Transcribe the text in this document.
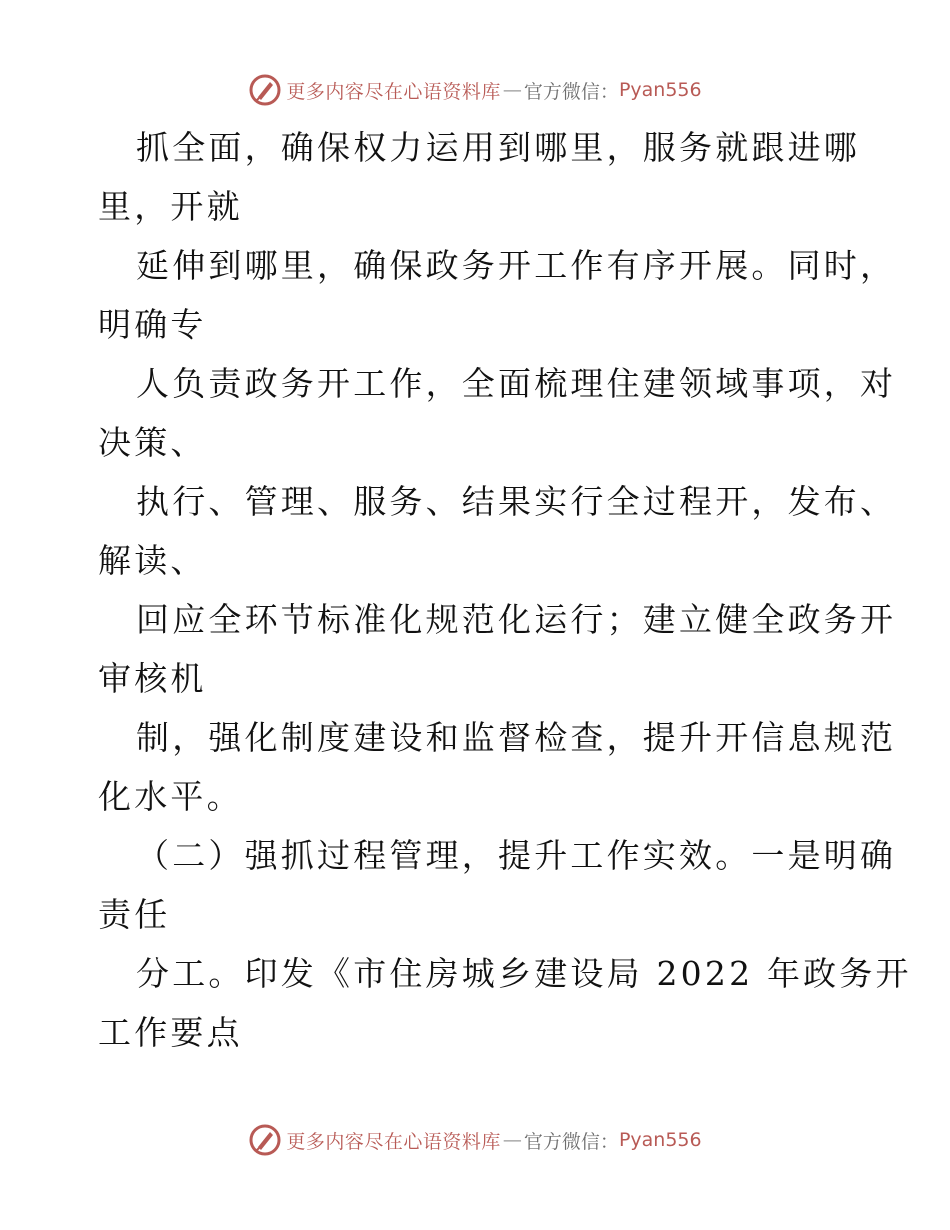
更多内容尽在心语资料库 — 官方微信： Pyan556
抓全面，确保权力运用到哪里，服务就跟进哪
里，开就
延伸到哪里，确保政务开工作有序开展。同时，
明确专
人负责政务开工作，全面梳理住建领域事项，对
决策、
执行、管理、服务、结果实行全过程开，发布、
解读、
回应全环节标准化规范化运行；建立健全政务开
审核机
制，强化制度建设和监督检查，提升开信息规范
化水平。
（二）强抓过程管理，提升工作实效。一是明确
责任
分工。印发《市住房城乡建设局 2022 年政务开
工作要点
更多内容尽在心语资料库 — 官方微信： Pyan556
